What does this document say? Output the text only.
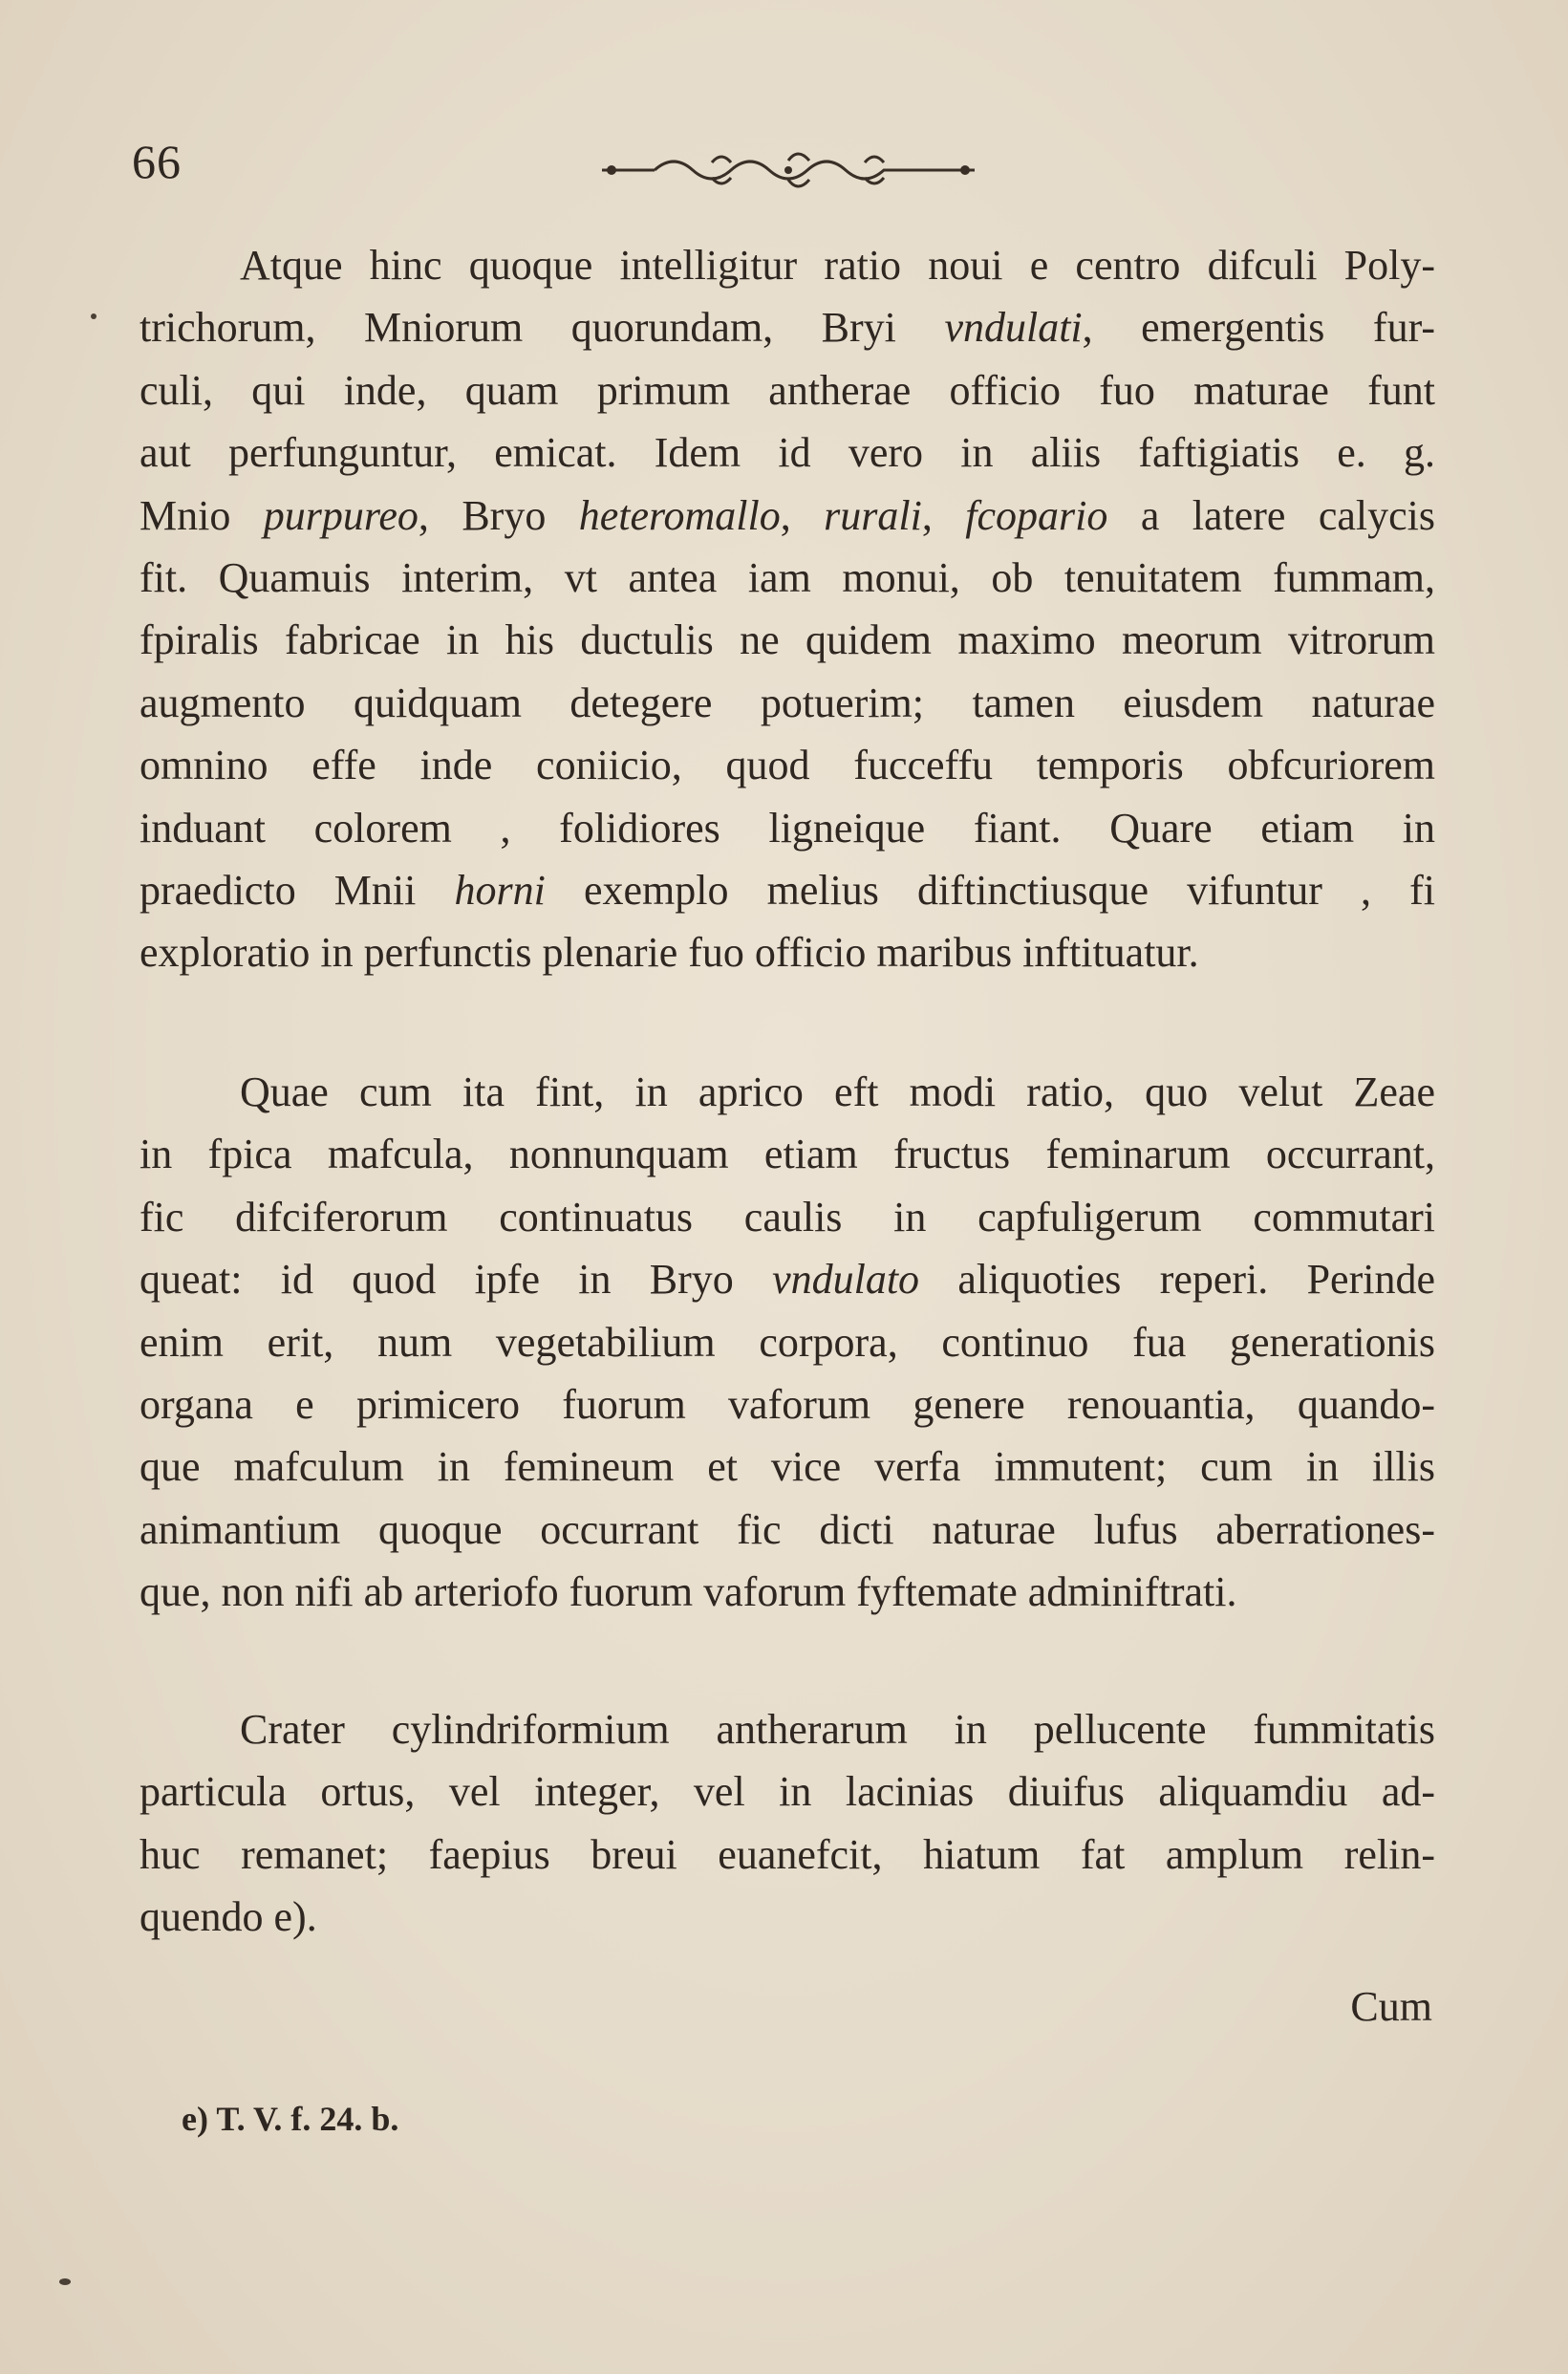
66
Atque hinc quoque intelligitur ratio noui e centro difculi Poly-
trichorum, Mniorum quorundam, Bryi vndulati, emergentis fur-
culi, qui inde, quam primum antherae officio fuo maturae funt
aut perfunguntur, emicat. Idem id vero in aliis faftigiatis e. g.
Mnio purpureo, Bryo heteromallo, rurali, fcopario a latere calycis
fit. Quamuis interim, vt antea iam monui, ob tenuitatem fummam,
fpiralis fabricae in his ductulis ne quidem maximo meorum vitrorum
augmento quidquam detegere potuerim; tamen eiusdem naturae
omnino effe inde coniicio, quod fucceffu temporis obfcuriorem
induant colorem , folidiores ligneique fiant. Quare etiam in
praedicto Mnii horni exemplo melius diftinctiusque vifuntur , fi
exploratio in perfunctis plenarie fuo officio maribus inftituatur.
Quae cum ita fint, in aprico eft modi ratio, quo velut Zeae
in fpica mafcula, nonnunquam etiam fructus feminarum occurrant,
fic difciferorum continuatus caulis in capfuligerum commutari
queat: id quod ipfe in Bryo vndulato aliquoties reperi. Perinde
enim erit, num vegetabilium corpora, continuo fua generationis
organa e primicero fuorum vaforum genere renouantia, quando-
que mafculum in femineum et vice verfa immutent; cum in illis
animantium quoque occurrant fic dicti naturae lufus aberrationes-
que, non nifi ab arteriofo fuorum vaforum fyftemate adminiftrati.
Crater cylindriformium antherarum in pellucente fummitatis
particula ortus, vel integer, vel in lacinias diuifus aliquamdiu ad-
huc remanet; faepius breui euanefcit, hiatum fat amplum relin-
quendo e).
Cum
e) T. V. f. 24. b.
